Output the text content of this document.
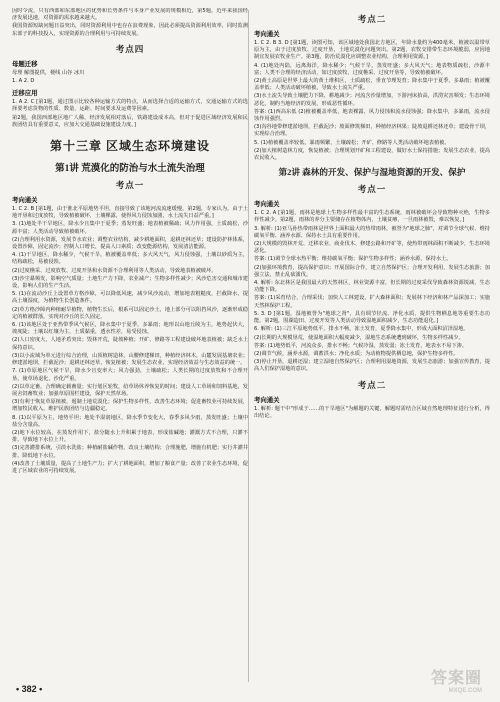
因时令流，只有西部和东部地区的优势和长势条件与本身产业发展的规模相近，第5题，近年来我国经济发展迅速，对资源的需求越来越大。

我国资源短缺问题日益突出，同时资源利用中也存在浪费现象，因此必须提高资源利用效率，同时监测东部子的科技投入，实现资源的合理利用与可持续发展。

考点四
母题迁移

母理 解图提供，梗线 山谷 冰川

1. A 2. D

迁移应用

1. A 2. C [第1题，通过图示比较各种运输方式的特点，从而选择合适的运输方式，交通运输方式的选择要考虑货物的性质、数量、运距、时间要求及运费等因素。

第2题，我国西部地区地广人稀，经济发展相对落后，铁路建设成本高，但对于促进区域经济发展和民族团结具有重要意义，应加大交通基础设施建设力度。]

第十三章 区域生态环境建设
第1讲 荒漠化的防治与水土流失治理
考点一
考向通关

1. C 2. B [第1题，由于淮北平原地势平坦，直接导致了该地河流流速缓慢，第2题，专家认为，由于土地开垦和过度放牧，导致植被破坏，土壤裸露，使得风力侵蚀加剧，水土流失日益严重。]

3. (1)地处半干旱地区，降水少且集中于夏季；蒸发旺盛；地表植被稀疏；风力作用强，土质疏松，沙源丰富；人类活动导致植被破坏。

(2)合理利用水资源，发展节水农业；调整农业结构，减少耕地面积，退耕还林还草；建设防护林体系，设置沙障，固定流沙；控制人口增长，提高人口素质；改变能源结构，发展清洁能源。

4. (1)干旱地区，降水稀少，气候干旱，植被覆盖率低；多大风天气，风力侵蚀强，土壤以砂质为主，结构疏松，易被侵蚀。

(2)过度樵采、过度放牧、过度开垦和水资源不合理利用等人类活动，导致地表植被破坏。

(3)沙尘暴频发，影响空气质量；土地生产力下降，农业减产；生物多样性减少；风沙危害交通和城市建设，影响人们的生产生活。

5. (1)在流动沙丘上设置草方格沙障，可以降低风速，减少风沙流动，增加地表粗糙度，拦截降水，提高土壤湿度，为植物生长创造条件。

(2)草方格沙障内种植耐旱植物，植物生长后，根系可以固定沙土，地上部分可以阻挡风沙，逐渐形成稳定的植被群落，实现对沙丘的长久固定。

6. (1)该地区处于亚热带季风气候区，降水集中于夏季，多暴雨；地形以山地丘陵为主，地势起伏大，坡度陡；土壤以红壤为主，土质黏重，透水性差，易受侵蚀。

(2)人口密度大，人地矛盾突出；毁林开荒，陡坡种植；开矿、修路等工程建设破坏地表植被；缺乏水土保持意识。

(3)以小流域为单元进行综合治理，山顶植树造林，山腰修建梯田，种植经济林木，山麓发展基塘农业；修建淤地坝，拦截泥沙；退耕还林还草，恢复植被；发展生态农业，实现经济效益与生态效益的统一。

7. (1)草原地区气候干旱，降水少且变率大；风力强劲，土壤疏松；人类长期的过度放牧和不合理开垦，使草场退化，沙化严重。

(2)以草定畜，合理确定载畜量；实行划区轮牧，给草场休养恢复的时间；建设人工草场和饲料基地，发展舍饲畜牧业；加强草原围栏建设，保护天然草场。

(3)有利于恢复草原植被，遏制土地荒漠化；保护生物多样性，改善生态环境；促进畜牧业可持续发展，增加牧民收入，维护民族团结与边疆稳定。

8. (1)以平原为主，地势平坦；地处半湿润地区，降水季节变化大，春季多风少雨，蒸发旺盛；土壤中盐分含量高。

(2)地下水位较高，在蒸发作用下，盐分随水上升积累于地表，形成盐碱地；灌溉方式不合理，只灌不排，导致地下水位上升。

(3)完善灌排系统，引淡水洗盐；种植耐盐碱作物，改良土壤结构；合理施肥，增施有机肥；实行井灌井排，降低地下水位。

(4)改善了土壤质量，提高了土地生产力；扩大了耕地面积，增加了粮食产量；改善了农业生态环境，促进了区域农业的可持续发展。

考点二
考向通关

1. C 2. B 3. D [第1题，读图可知，该区域地处我国北方地区，年降水量约为400毫米，植被以温带草原为主，由于过度放牧、过度开垦，土地荒漠化问题突出。第2题，农牧交错带生态环境脆弱，应因地制宜发展农牧业生产。第3题，防治荒漠化应调整农业结构，合理利用资源。]

4. (1)地处内陆，远离海洋，降水稀少；气候干旱，蒸发旺盛；多大风天气；地表物质疏松，沙源丰富；人类不合理的经济活动，如过度放牧、过度樵采、过度开垦等，导致植被破坏。

(2)黄土高原是世界上最大的黄土堆积区，土质疏松，垂直节理发育；降水集中于夏季，多暴雨；植被覆盖率低；人类活动破坏植被，导致水土流失严重。

(3)水土流失导致土壤肥力下降，耕地减少；河流含沙量增加，下游河床抬高，洪涝灾害频发；生态环境恶化，制约当地经济的发展，形成恶性循环。

答案: (1)西高东低 (2)植被覆盖率低，地表裸露，风力侵蚀和流水侵蚀强；降水集中，多暴雨，流水侵蚀作用强烈。

(3)沟谷地带修建淤地坝，拦截泥沙；坡面修筑梯田，种植经济林果；陡坡退耕还林还草；建设骨干坝，实现综合治理。

5. (1)植被覆盖率较低，暴雨频繁，土壤疏松；开矿、修路等人类活动破坏地表植被。

(2)加大植树造林力度，恢复植被；合理规划开矿和工程建设，做好水土保持措施；发展生态农业，提高农民收入。

第2讲 森林的开发、保护与湿地资源的开发、保护
考点一
考向通关

1. C 2. A [第1题，雨林是地球上生物多样性最丰富的生态系统，雨林被破坏会导致物种灭绝，生物多样性减少。第2题，雨林的养分主要储存在植物体内，土壤贫瘠，一旦雨林被毁，难以恢复。]

3. 解析: (1)亚马孙热带雨林是世界上面积最大的热带雨林，被誉为"地球之肺"，对调节全球气候、维持碳氧平衡、涵养水源、保持水土具有重要作用。

(2)大规模的毁林开荒、迁移农业、商业伐木、修建公路和开矿等，使热带雨林面积不断减少，生态环境恶化。

答案: (1)调节全球水热平衡；维持碳氧平衡；保护生物多样性；涵养水源，保持水土。

(2)加强环境教育，提高保护意识；开展国际合作，建立自然保护区；合理开发利用，发展生态旅游；加强立法，禁止乱砍滥伐。

4. 解析: 东北林区是我国最大的天然林区，林业资源丰富，但长期的过度采伐导致森林资源锐减，生态功能下降。

答案: (1)采育结合，合理采伐；加快人工林建设，扩大森林面积；发展林下经济和林产品深加工；实施天然林保护工程。

5. 3. D [第1题，湿地被誉为"地球之肾"，具有调节径流、净化水质、提供生物栖息地等重要生态功能。第2题，围湖造田、过度开发等人类活动导致湿地面积减少，生态功能退化。]

6. 解析: (1)三江平原地势低平，排水不畅，冻土发育，夏季降水集中，形成大面积沼泽湿地。

(2)长期的大规模垦荒，使湿地面积大幅度减少，湿地生态系统遭到破坏，生物多样性减少。

答案: (1)地势低平，河流众多，排水不畅；气候冷湿，蒸发弱；冻土发育，地表水不易下渗。

(2)调节气候，涵养水源，调蓄洪水；净化水质；为动植物提供栖息地，保护生物多样性。

(3)停止开垦，退耕还湿；建立湿地自然保护区；合理利用湿地资源，发展生态旅游；加强宣传教育，提高人们保护湿地的意识。

考点二
考向通关

1. 解析: 题干中"形成于……的干旱地区"为解题的关键，解题时需结合区域自然地理特征进行分析，得出结论。

• 382 •
答案圈
MXQE.COM
